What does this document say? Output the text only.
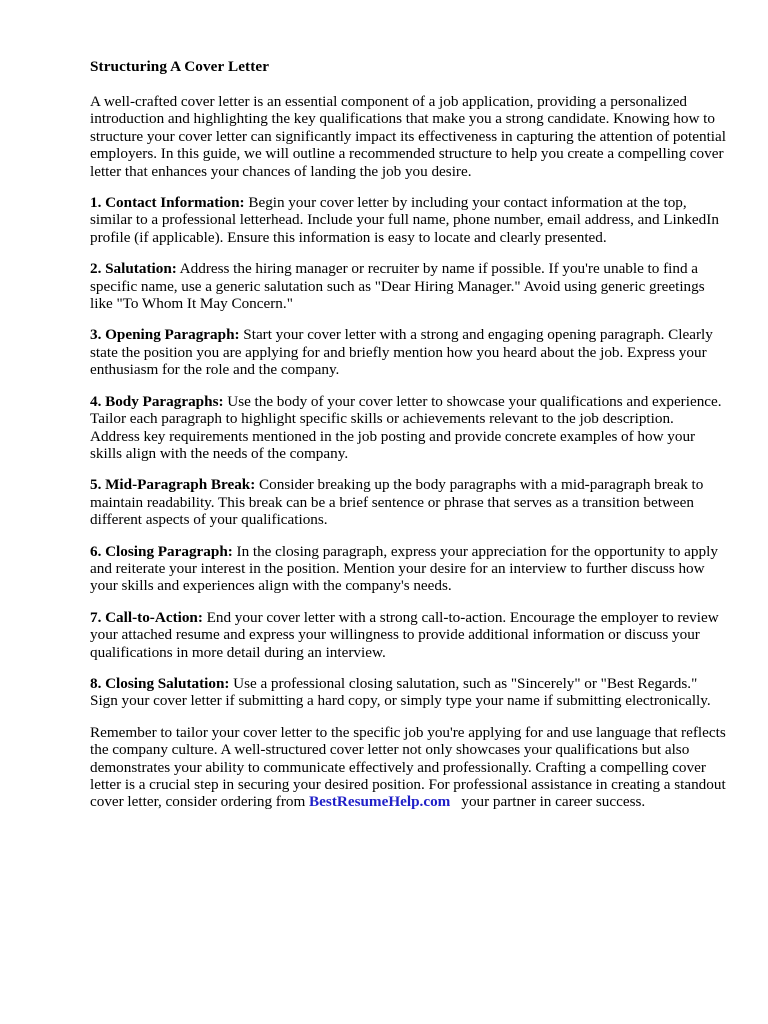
Structuring A Cover Letter

A well-crafted cover letter is an essential component of a job application, providing a personalized introduction and highlighting the key qualifications that make you a strong candidate. Knowing how to structure your cover letter can significantly impact its effectiveness in capturing the attention of potential employers. In this guide, we will outline a recommended structure to help you create a compelling cover letter that enhances your chances of landing the job you desire.

1. Contact Information: Begin your cover letter by including your contact information at the top, similar to a professional letterhead. Include your full name, phone number, email address, and LinkedIn profile (if applicable). Ensure this information is easy to locate and clearly presented.

2. Salutation: Address the hiring manager or recruiter by name if possible. If you're unable to find a specific name, use a generic salutation such as "Dear Hiring Manager." Avoid using generic greetings like "To Whom It May Concern."

3. Opening Paragraph: Start your cover letter with a strong and engaging opening paragraph. Clearly state the position you are applying for and briefly mention how you heard about the job. Express your enthusiasm for the role and the company.

4. Body Paragraphs: Use the body of your cover letter to showcase your qualifications and experience. Tailor each paragraph to highlight specific skills or achievements relevant to the job description. Address key requirements mentioned in the job posting and provide concrete examples of how your skills align with the needs of the company.

5. Mid-Paragraph Break: Consider breaking up the body paragraphs with a mid-paragraph break to maintain readability. This break can be a brief sentence or phrase that serves as a transition between different aspects of your qualifications.

6. Closing Paragraph: In the closing paragraph, express your appreciation for the opportunity to apply and reiterate your interest in the position. Mention your desire for an interview to further discuss how your skills and experiences align with the company's needs.

7. Call-to-Action: End your cover letter with a strong call-to-action. Encourage the employer to review your attached resume and express your willingness to provide additional information or discuss your qualifications in more detail during an interview.

8. Closing Salutation: Use a professional closing salutation, such as "Sincerely" or "Best Regards." Sign your cover letter if submitting a hard copy, or simply type your name if submitting electronically.

Remember to tailor your cover letter to the specific job you're applying for and use language that reflects the company culture. A well-structured cover letter not only showcases your qualifications but also demonstrates your ability to communicate effectively and professionally. Crafting a compelling cover letter is a crucial step in securing your desired position. For professional assistance in creating a standout cover letter, consider ordering from BestResumeHelp.com your partner in career success.
